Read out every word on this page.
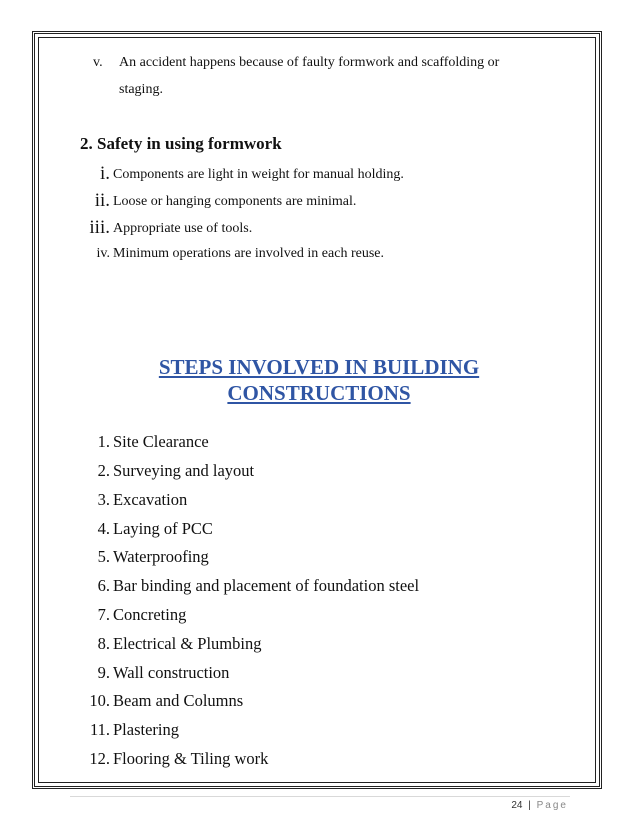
v. An accident happens because of faulty formwork and scaffolding or
staging.
2. Safety in using formwork
i. Components are light in weight for manual holding.
ii. Loose or hanging components are minimal.
iii. Appropriate use of tools.
iv. Minimum operations are involved in each reuse.
STEPS INVOLVED IN BUILDING
CONSTRUCTIONS
1. Site Clearance
2. Surveying and layout
3. Excavation
4. Laying of PCC
5. Waterproofing
6. Bar binding and placement of foundation steel
7. Concreting
8. Electrical & Plumbing
9. Wall construction
10. Beam and Columns
11. Plastering
12. Flooring & Tiling work
24 | Page
